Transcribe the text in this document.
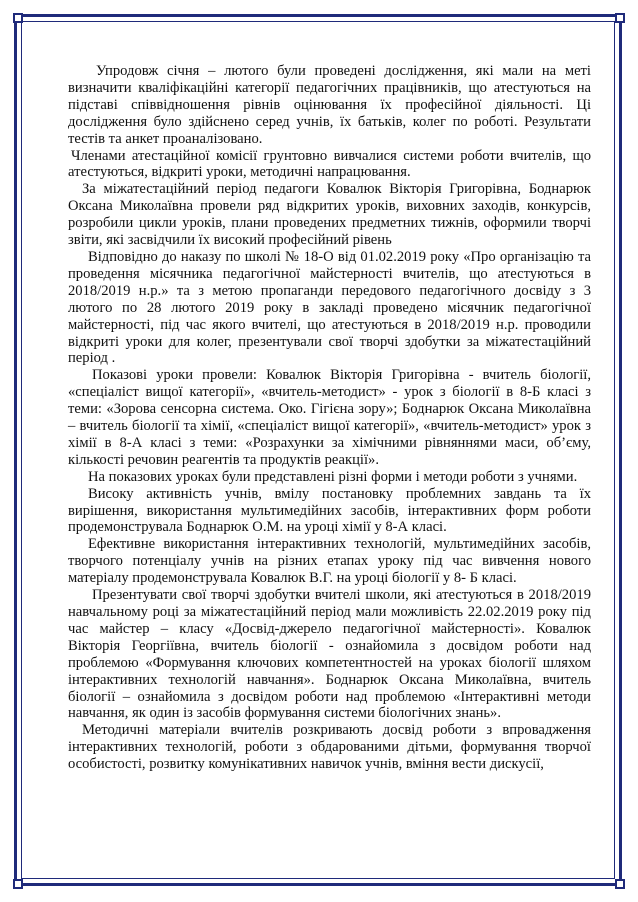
Упродовж січня – лютого були проведені дослідження, які мали на меті визначити кваліфікаційні категорії педагогічних працівників, що атестуються на підставі співвідношення рівнів оцінювання їх професійної діяльності. Ці дослідження було здійснено серед учнів, їх батьків, колег по роботі. Результати тестів та анкет проаналізовано.

Членами атестаційної комісії грунтовно вивчалися системи роботи вчителів, що атестуються, відкриті уроки, методичні напрацювання.

За міжатестаційний період педагоги Ковалюк Вікторія Григорівна, Боднарюк Оксана Миколаївна провели ряд відкритих уроків, виховних заходів, конкурсів, розробили цикли уроків, плани проведених предметних тижнів, оформили творчі звіти, які засвідчили їх високий професійний рівень

Відповідно до наказу по школі № 18-О від 01.02.2019 року «Про організацію та проведення місячника педагогічної майстерності вчителів, що атестуються в 2018/2019 н.р.» та з метою пропаганди передового педагогічного досвіду з 3 лютого по 28 лютого 2019 року в закладі проведено місячник педагогічної майстерності, під час якого вчителі, що атестуються в 2018/2019 н.р. проводили відкриті уроки для колег, презентували свої творчі здобутки за міжатестаційний період .

Показові уроки провели: Ковалюк Вікторія Григорівна - вчитель біології, «спеціаліст вищої категорії», «вчитель-методист» - урок з біології в 8-Б класі з теми: «Зорова сенсорна система. Око. Гігієна зору»; Боднарюк Оксана Миколаївна – вчитель біології та хімії, «спеціаліст вищої категорії», «вчитель-методист» урок з хімії в 8-А класі з теми: «Розрахунки за хімічними рівняннями маси, об’єму, кількості речовин реагентів та продуктів реакції».

На показових уроках були представлені різні форми і методи роботи з учнями.

Високу активність учнів, вмілу постановку проблемних завдань та їх вирішення, використання мультимедійних засобів, інтерактивних форм роботи продемонструвала Боднарюк О.М. на уроці хімії у 8-А класі.

Ефективне використання інтерактивних технологій, мультимедійних засобів, творчого потенціалу учнів на різних етапах уроку під час вивчення нового матеріалу продемонструвала Ковалюк В.Г. на уроці біології у 8- Б класі.

Презентувати свої творчі здобутки вчителі школи, які атестуються в 2018/2019 навчальному році за міжатестаційний період мали можливість 22.02.2019 року під час майстер – класу «Досвід-джерело педагогічної майстерності». Ковалюк Вікторія Георгіївна, вчитель біології - ознайомила з досвідом роботи над проблемою «Формування ключових компетентностей на уроках біології шляхом інтерактивних технологій навчання». Боднарюк Оксана Миколаївна, вчитель біології – ознайомила з досвідом роботи над проблемою «Інтерактивні методи навчання, як один із засобів формування системи біологічних знань».

Методичні матеріали вчителів розкривають досвід роботи з впровадження інтерактивних технологій, роботи з обдарованими дітьми, формування творчої особистості, розвитку комунікативних навичок учнів, вміння вести дискусії,
